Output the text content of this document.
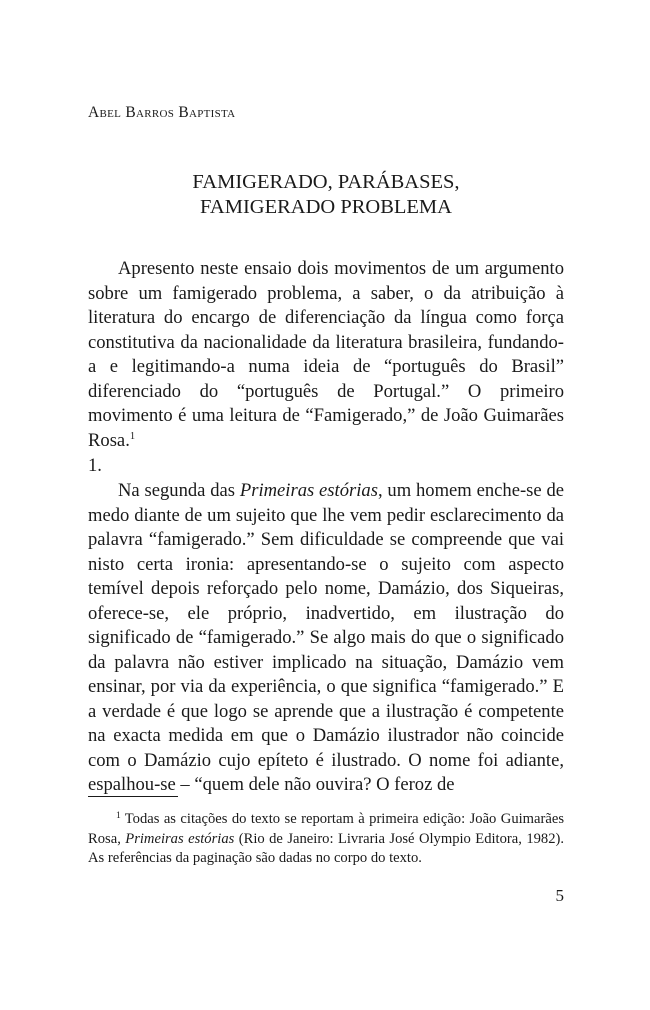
Abel Barros Baptista
FAMIGERADO, PARÁBASES,
FAMIGERADO PROBLEMA

Apresento neste ensaio dois movimentos de um argumento sobre um famigerado problema, a saber, o da atribuição à literatura do encargo de diferenciação da língua como força constitutiva da nacionalidade da literatura brasileira, fundando-a e legitimando-a numa ideia de “português do Brasil” diferenciado do “português de Portugal.” O primeiro movimento é uma leitura de “Famigerado,” de João Guimarães Rosa.$^1$

1.

Na segunda das Primeiras estórias, um homem enche-se de medo diante de um sujeito que lhe vem pedir esclarecimento da palavra “famigerado.” Sem dificuldade se compreende que vai nisto certa ironia: apresentando-se o sujeito com aspecto temível depois reforçado pelo nome, Damázio, dos Siqueiras, oferece-se, ele próprio, inadvertido, em ilustração do significado de “famigerado.” Se algo mais do que o significado da palavra não estiver implicado na situação, Damázio vem ensinar, por via da experiência, o que significa “famigerado.” E a verdade é que logo se aprende que a ilustração é competente na exacta medida em que o Damázio ilustrador não coincide com o Damázio cujo epíteto é ilustrado. O nome foi adiante, espalhou-se – “quem dele não ouvira? O feroz de

$^1$ Todas as citações do texto se reportam à primeira edição: João Guimarães Rosa, Primeiras estórias (Rio de Janeiro: Livraria José Olympio Editora, 1982). As referências da paginação são dadas no corpo do texto.
5
